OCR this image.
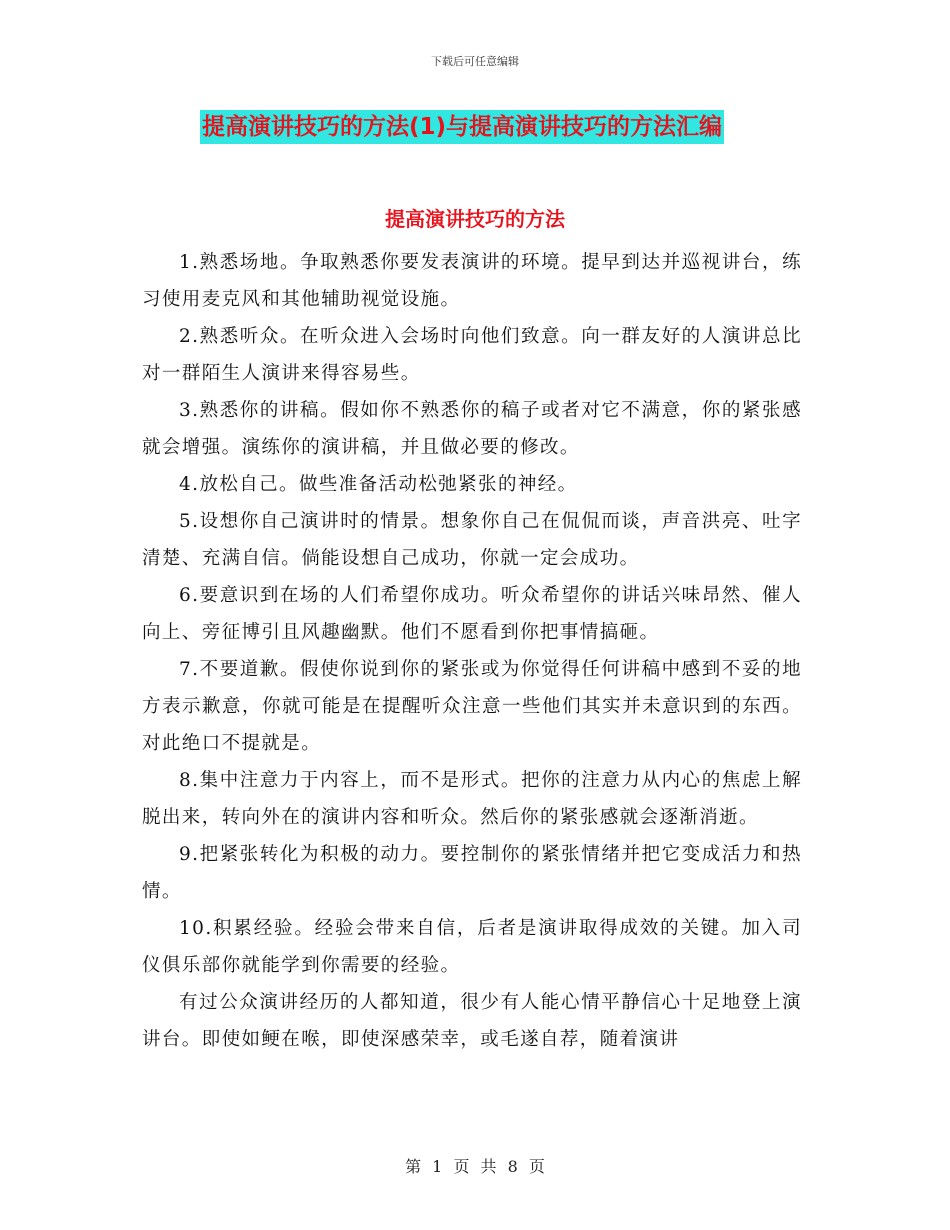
下载后可任意编辑
提高演讲技巧的方法(1)与提高演讲技巧的方法汇编
提高演讲技巧的方法

1.熟悉场地。争取熟悉你要发表演讲的环境。提早到达并巡视讲台，练习使用麦克风和其他辅助视觉设施。

2.熟悉听众。在听众进入会场时向他们致意。向一群友好的人演讲总比对一群陌生人演讲来得容易些。

3.熟悉你的讲稿。假如你不熟悉你的稿子或者对它不满意，你的紧张感就会增强。演练你的演讲稿，并且做必要的修改。

4.放松自己。做些准备活动松弛紧张的神经。

5.设想你自己演讲时的情景。想象你自己在侃侃而谈，声音洪亮、吐字清楚、充满自信。倘能设想自己成功，你就一定会成功。

6.要意识到在场的人们希望你成功。听众希望你的讲话兴味昂然、催人向上、旁征博引且风趣幽默。他们不愿看到你把事情搞砸。

7.不要道歉。假使你说到你的紧张或为你觉得任何讲稿中感到不妥的地方表示歉意，你就可能是在提醒听众注意一些他们其实并未意识到的东西。对此绝口不提就是。

8.集中注意力于内容上，而不是形式。把你的注意力从内心的焦虑上解脱出来，转向外在的演讲内容和听众。然后你的紧张感就会逐渐消逝。

9.把紧张转化为积极的动力。要控制你的紧张情绪并把它变成活力和热情。

10.积累经验。经验会带来自信，后者是演讲取得成效的关键。加入司仪俱乐部你就能学到你需要的经验。

有过公众演讲经历的人都知道，很少有人能心情平静信心十足地登上演讲台。即使如鲠在喉，即使深感荣幸，或毛遂自荐，随着演讲

第 1 页 共 8 页
